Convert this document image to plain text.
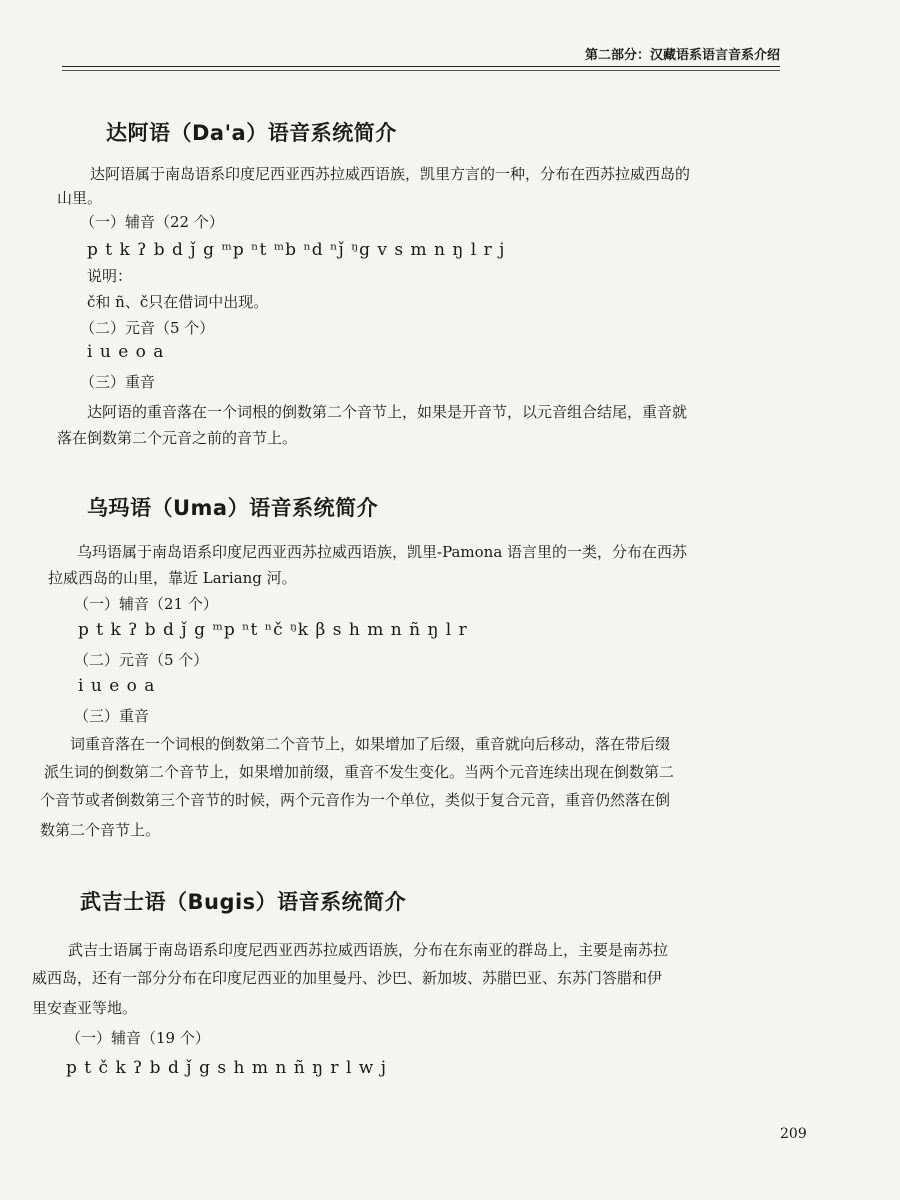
第二部分：汉藏语系语言音系介绍
达阿语（Da'a）语音系统简介
达阿语属于南岛语系印度尼西亚西苏拉威西语族，凯里方言的一种，分布在西苏拉威西岛的
山里。
（一）辅音（22 个）
p t k ʔ b d ǰ g ᵐp ⁿt ᵐb ⁿd ⁿǰ ᵑg v s m n ŋ l r j
说明：
č和 ñ、č只在借词中出现。
（二）元音（5 个）
i u e o a
（三）重音
达阿语的重音落在一个词根的倒数第二个音节上，如果是开音节，以元音组合结尾，重音就
落在倒数第二个元音之前的音节上。
乌玛语（Uma）语音系统简介
乌玛语属于南岛语系印度尼西亚西苏拉威西语族，凯里-Pamona 语言里的一类，分布在西苏
拉威西岛的山里，靠近 Lariang 河。
（一）辅音（21 个）
p t k ʔ b d ǰ g ᵐp ⁿt ⁿč ᵑk β s h m n ñ ŋ l r
（二）元音（5 个）
i u e o a
（三）重音
词重音落在一个词根的倒数第二个音节上，如果增加了后缀，重音就向后移动，落在带后缀
派生词的倒数第二个音节上，如果增加前缀，重音不发生变化。当两个元音连续出现在倒数第二
个音节或者倒数第三个音节的时候，两个元音作为一个单位，类似于复合元音，重音仍然落在倒
数第二个音节上。
武吉士语（Bugis）语音系统简介
武吉士语属于南岛语系印度尼西亚西苏拉威西语族，分布在东南亚的群岛上，主要是南苏拉
威西岛，还有一部分分布在印度尼西亚的加里曼丹、沙巴、新加坡、苏腊巴亚、东苏门答腊和伊
里安查亚等地。
（一）辅音（19 个）
p t č k ʔ b d ǰ g s h m n ñ ŋ r l w j
209
